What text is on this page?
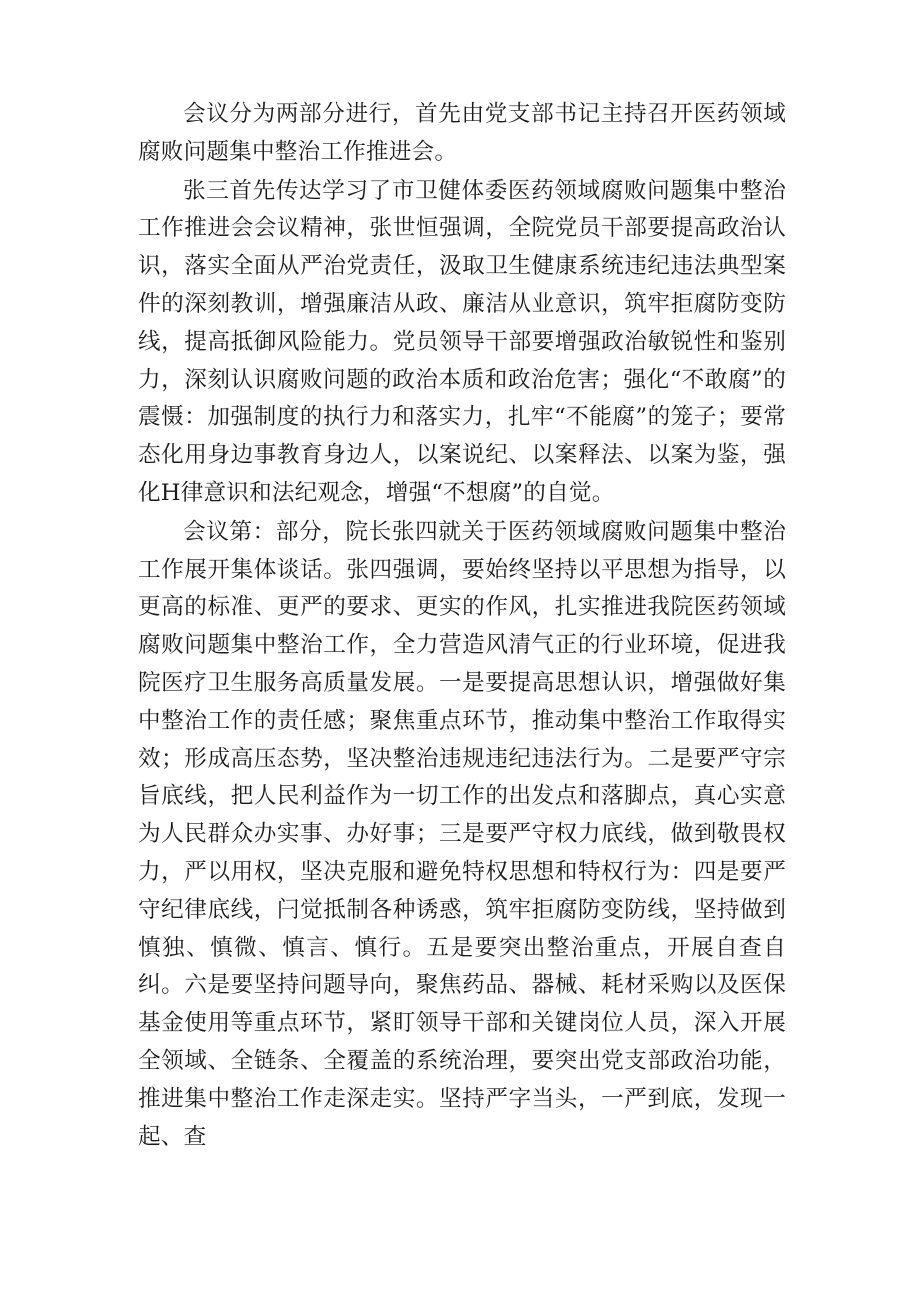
会议分为两部分进行，首先由党支部书记主持召开医药领域腐败问题集中整治工作推进会。

张三首先传达学习了市卫健体委医药领域腐败问题集中整治工作推进会会议精神，张世恒强调，全院党员干部要提高政治认识，落实全面从严治党责任，汲取卫生健康系统违纪违法典型案件的深刻教训，增强廉洁从政、廉洁从业意识，筑牢拒腐防变防线，提高抵御风险能力。党员领导干部要增强政治敏锐性和鉴别力，深刻认识腐败问题的政治本质和政治危害；强化“不敢腐”的震慑：加强制度的执行力和落实力，扎牢“不能腐”的笼子；要常态化用身边事教育身边人，以案说纪、以案释法、以案为鉴，强化H律意识和法纪观念，增强“不想腐”的自觉。

会议第：部分，院长张四就关于医药领域腐败问题集中整治工作展开集体谈话。张四强调，要始终坚持以平思想为指导，以更高的标准、更严的要求、更实的作风，扎实推进我院医药领域腐败问题集中整治工作，全力营造风清气正的行业环境，促进我院医疗卫生服务高质量发展。一是要提高思想认识，增强做好集中整治工作的责任感；聚焦重点环节，推动集中整治工作取得实效；形成高压态势，坚决整治违规违纪违法行为。二是要严守宗旨底线，把人民利益作为一切工作的出发点和落脚点，真心实意为人民群众办实事、办好事；三是要严守权力底线，做到敬畏权力，严以用权，坚决克服和避免特权思想和特权行为：四是要严守纪律底线，闩觉抵制各种诱惑，筑牢拒腐防变防线，坚持做到慎独、慎微、慎言、慎行。五是要突出整治重点，开展自查自纠。六是要坚持问题导向，聚焦药品、器械、耗材采购以及医保基金使用等重点环节，紧盯领导干部和关键岗位人员，深入开展全领域、全链条、全覆盖的系统治理，要突出党支部政治功能，推进集中整治工作走深走实。坚持严字当头，一严到底，发现一起、查
